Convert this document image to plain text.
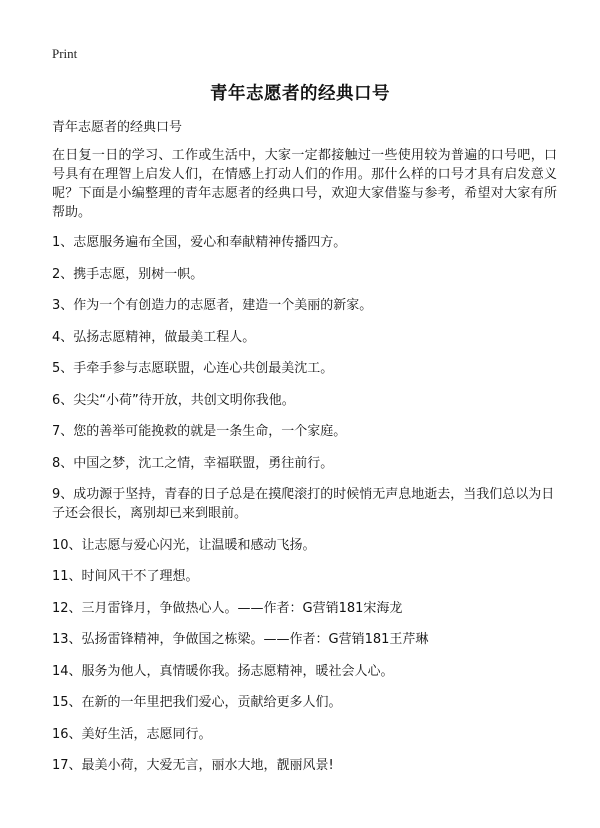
Print
青年志愿者的经典口号

青年志愿者的经典口号

在日复一日的学习、工作或生活中，大家一定都接触过一些使用较为普遍的口号吧，口号具有在理智上启发人们，在情感上打动人们的作用。那什么样的口号才具有启发意义呢？下面是小编整理的青年志愿者的经典口号，欢迎大家借鉴与参考，希望对大家有所帮助。

1、志愿服务遍布全国，爱心和奉献精神传播四方。
2、携手志愿，别树一帜。
3、作为一个有创造力的志愿者，建造一个美丽的新家。
4、弘扬志愿精神，做最美工程人。
5、手牵手参与志愿联盟，心连心共创最美沈工。
6、尖尖“小荷”待开放，共创文明你我他。
7、您的善举可能挽救的就是一条生命，一个家庭。
8、中国之梦，沈工之情，幸福联盟，勇往前行。
9、成功源于坚持，青春的日子总是在摸爬滚打的时候悄无声息地逝去，当我们总以为日子还会很长，离别却已来到眼前。
10、让志愿与爱心闪光，让温暖和感动飞扬。
11、时间风干不了理想。
12、三月雷锋月，争做热心人。——作者：G营销181宋海龙
13、弘扬雷锋精神，争做国之栋梁。——作者：G营销181王芹琳
14、服务为他人，真情暖你我。扬志愿精神，暖社会人心。
15、在新的一年里把我们爱心，贡献给更多人们。
16、美好生活，志愿同行。
17、最美小荷，大爱无言，丽水大地，靓丽风景!
